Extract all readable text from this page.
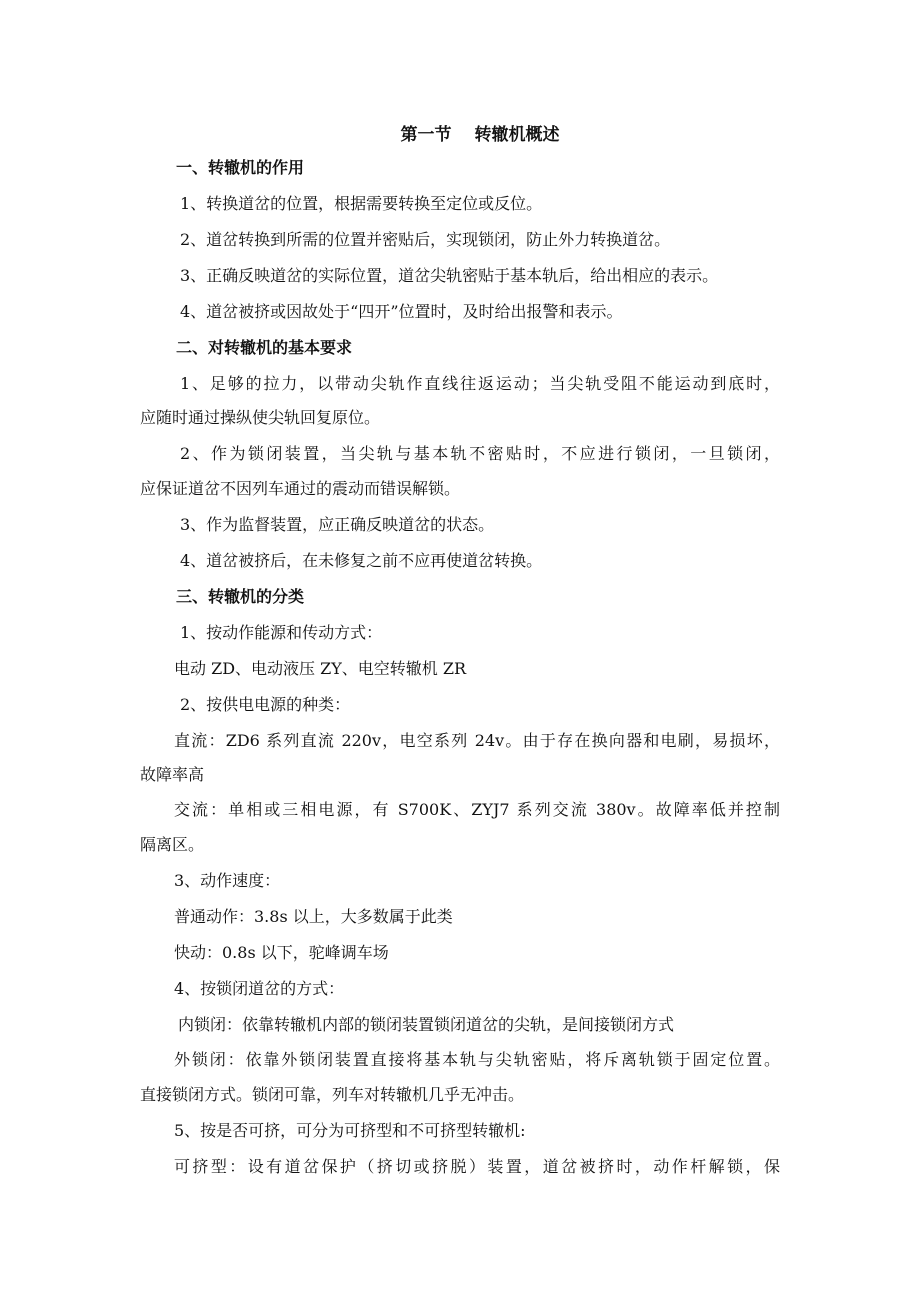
第一节　 转辙机概述
一、转辙机的作用
1、转换道岔的位置，根据需要转换至定位或反位。
2、道岔转换到所需的位置并密贴后，实现锁闭，防止外力转换道岔。
3、正确反映道岔的实际位置，道岔尖轨密贴于基本轨后，给出相应的表示。
4、道岔被挤或因故处于“四开”位置时，及时给出报警和表示。
二、对转辙机的基本要求
1、足够的拉力，以带动尖轨作直线往返运动；当尖轨受阻不能运动到底时，
应随时通过操纵使尖轨回复原位。
2、作为锁闭装置，当尖轨与基本轨不密贴时，不应进行锁闭，一旦锁闭，
应保证道岔不因列车通过的震动而错误解锁。
3、作为监督装置，应正确反映道岔的状态。
4、道岔被挤后，在未修复之前不应再使道岔转换。
三、转辙机的分类
1、按动作能源和传动方式：
电动 ZD、电动液压 ZY、电空转辙机 ZR
2、按供电电源的种类：
直流：ZD6 系列直流 220v，电空系列 24v。由于存在换向器和电刷，易损坏，
故障率高
交流：单相或三相电源，有 S700K、ZYJ7 系列交流 380v。故障率低并控制
隔离区。
3、动作速度：
普通动作：3.8s 以上，大多数属于此类
快动：0.8s 以下，驼峰调车场
4、按锁闭道岔的方式：
内锁闭：依靠转辙机内部的锁闭装置锁闭道岔的尖轨，是间接锁闭方式
外锁闭：依靠外锁闭装置直接将基本轨与尖轨密贴，将斥离轨锁于固定位置。
直接锁闭方式。锁闭可靠，列车对转辙机几乎无冲击。
5、按是否可挤，可分为可挤型和不可挤型转辙机:
可挤型：设有道岔保护（挤切或挤脱）装置，道岔被挤时，动作杆解锁，保
